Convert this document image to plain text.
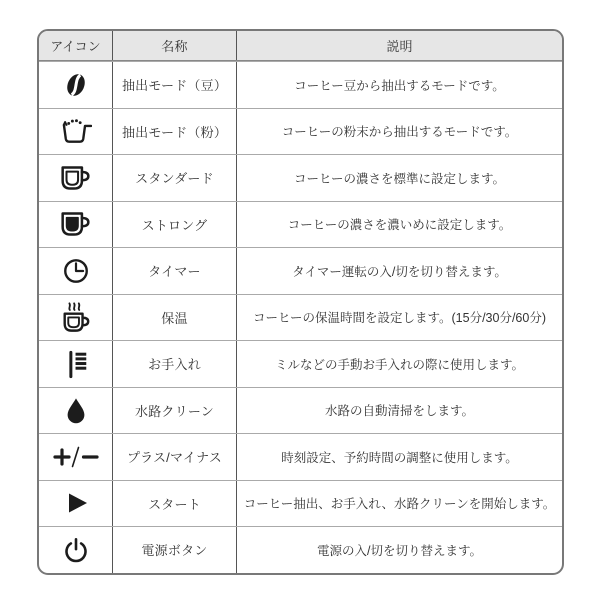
アイコン	名称	説明
抽出モード（豆）	コーヒー豆から抽出するモードです。
抽出モード（粉）	コーヒーの粉末から抽出するモードです。
スタンダード	コーヒーの濃さを標準に設定します。
ストロング	コーヒーの濃さを濃いめに設定します。
タイマー	タイマー運転の入/切を切り替えます。
保温	コーヒーの保温時間を設定します。(15分/30分/60分)
お手入れ	ミルなどの手動お手入れの際に使用します。
水路クリーン	水路の自動清掃をします。
プラス/マイナス	時刻設定、予約時間の調整に使用します。
スタート	コーヒー抽出、お手入れ、水路クリーンを開始します。
電源ボタン	電源の入/切を切り替えます。
